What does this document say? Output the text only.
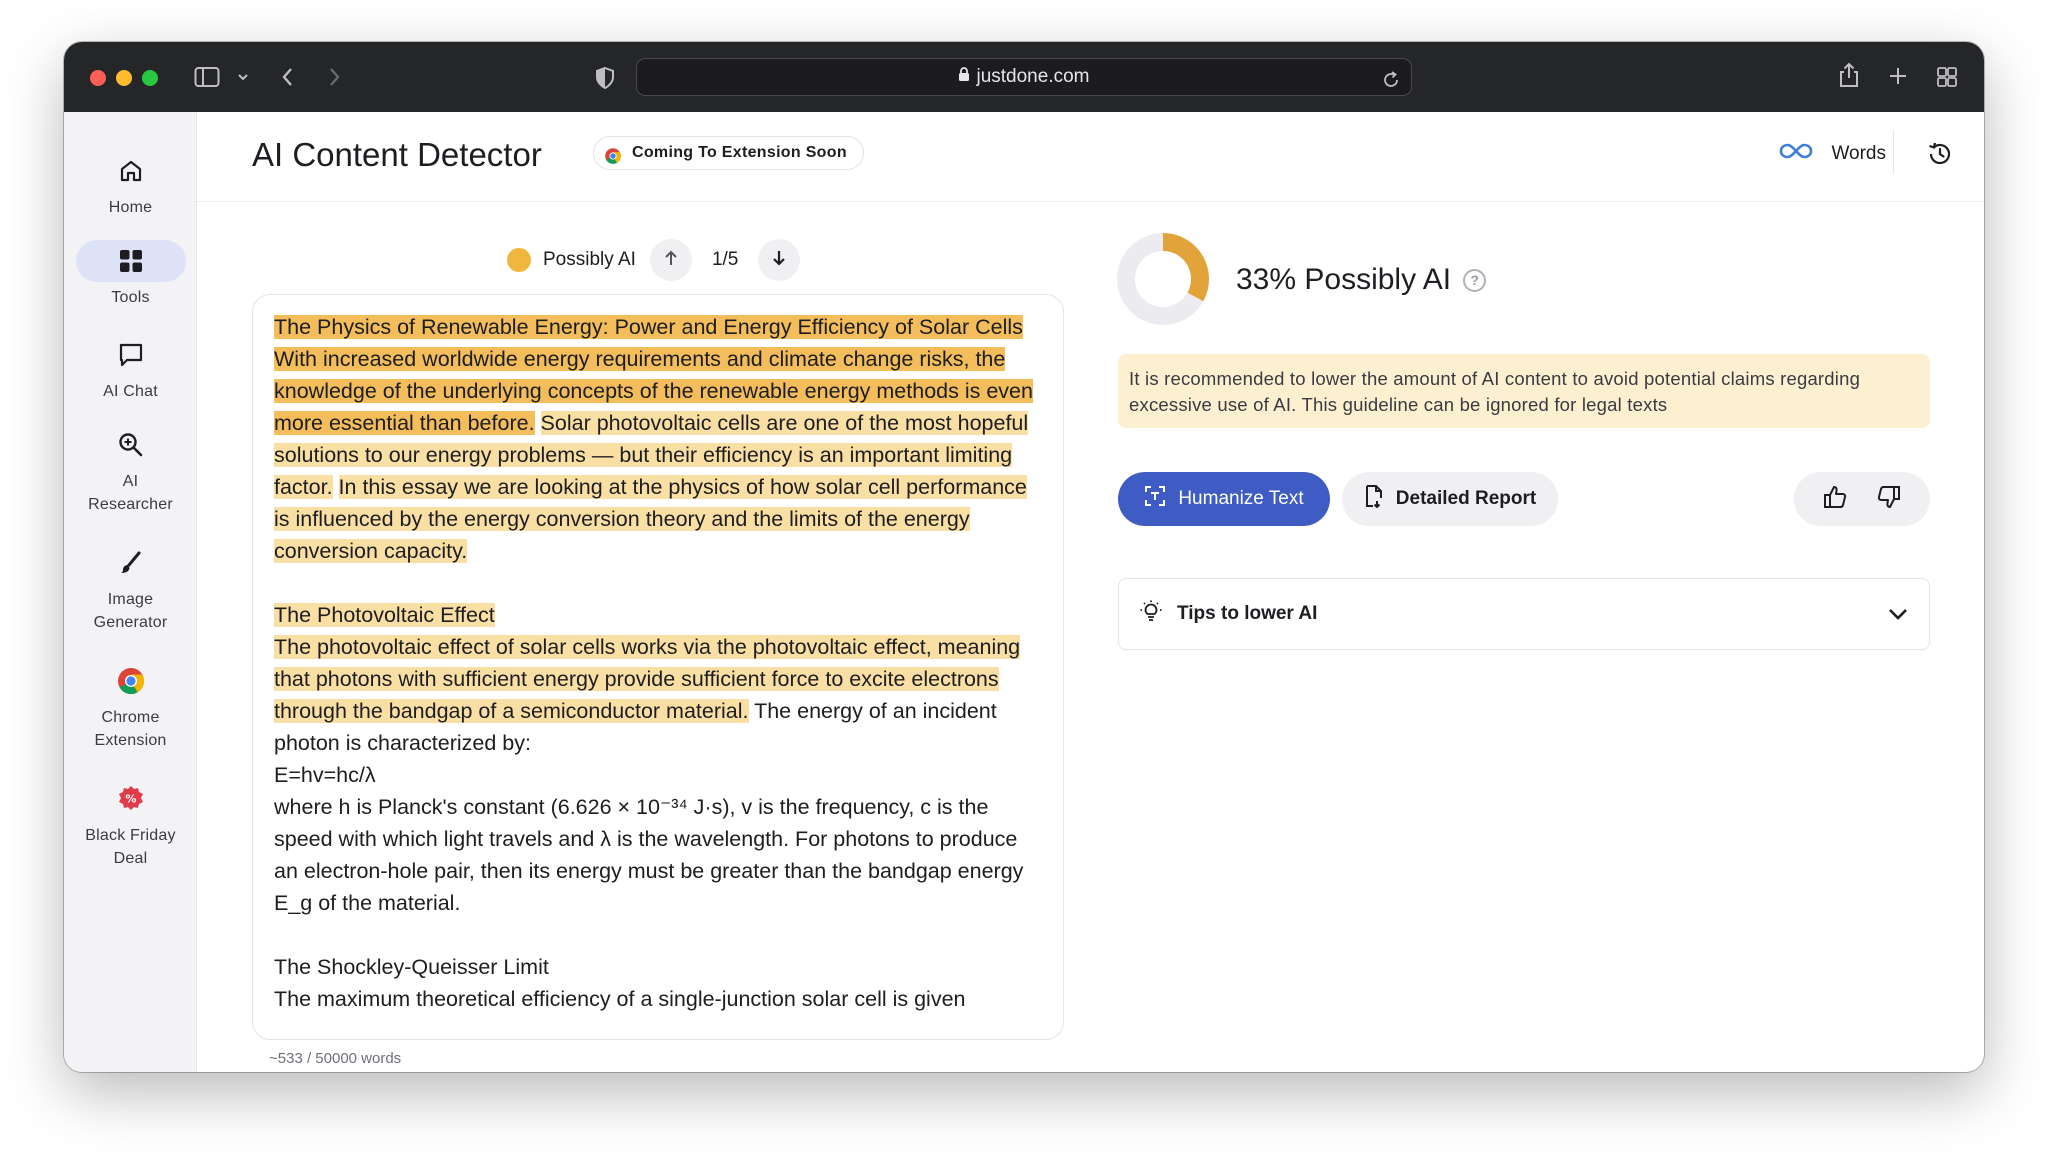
justdone.com
Home
Tools
AI Chat
AI
Researcher
Image
Generator
Chrome
Extension
%
Black Friday
Deal
AI Content Detector	Coming To Extension Soon	Words
Possibly AI	1/5
The Physics of Renewable Energy: Power and Energy Efficiency of Solar Cells
With increased worldwide energy requirements and climate change risks, the knowledge of the underlying concepts of the renewable energy methods is even more essential than before. Solar photovoltaic cells are one of the most hopeful solutions to our energy problems — but their efficiency is an important limiting factor. In this essay we are looking at the physics of how solar cell performance is influenced by the energy conversion theory and the limits of the energy conversion capacity.
The Photovoltaic Effect
The photovoltaic effect of solar cells works via the photovoltaic effect, meaning that photons with sufficient energy provide sufficient force to excite electrons through the bandgap of a semiconductor material. The energy of an incident photon is characterized by:
E=hv=hc/λ
where h is Planck's constant (6.626 × 10⁻³⁴ J·s), v is the frequency, c is the speed with which light travels and λ is the wavelength. For photons to produce an electron-hole pair, then its energy must be greater than the bandgap energy E_g of the material.
The Shockley-Queisser Limit
The maximum theoretical efficiency of a single-junction solar cell is given
~533 / 50000 words
33% Possibly AI	?
It is recommended to lower the amount of AI content to avoid potential claims regarding excessive use of AI. This guideline can be ignored for legal texts
Humanize Text	Detailed Report
Tips to lower AI
